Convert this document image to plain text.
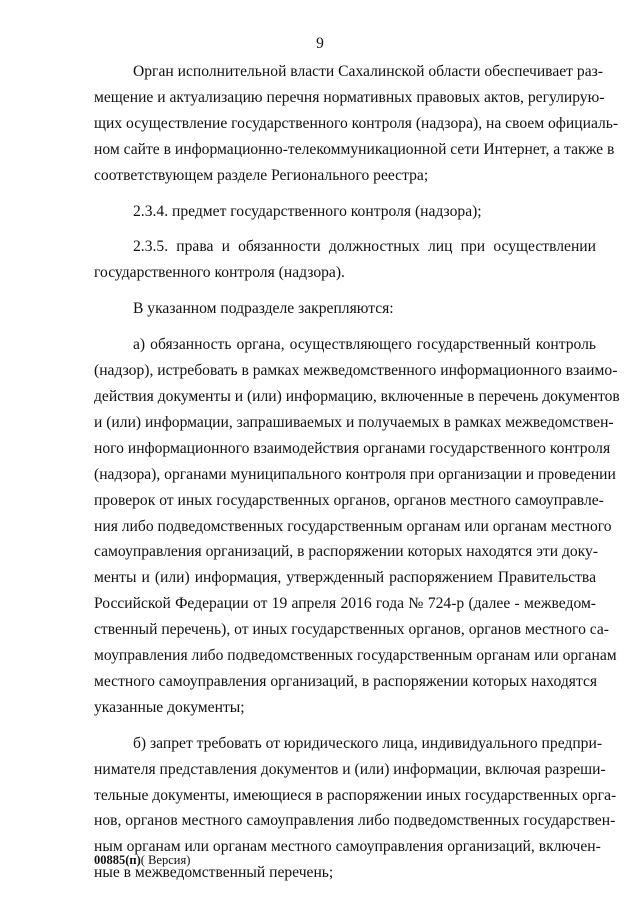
9
Орган исполнительной власти Сахалинской области обеспечивает раз-
мещение и актуализацию перечня нормативных правовых актов, регулирую-
щих осуществление государственного контроля (надзора), на своем официаль-
ном сайте в информационно-телекоммуникационной сети Интернет, а также в
соответствующем разделе Регионального реестра;
2.3.4. предмет государственного контроля (надзора);
2.3.5. права и обязанности должностных лиц при осуществлении
государственного контроля (надзора).
В указанном подразделе закрепляются:
а) обязанность органа, осуществляющего государственный контроль
(надзор), истребовать в рамках межведомственного информационного взаимо-
действия документы и (или) информацию, включенные в перечень документов
и (или) информации, запрашиваемых и получаемых в рамках межведомствен-
ного информационного взаимодействия органами государственного контроля
(надзора), органами муниципального контроля при организации и проведении
проверок от иных государственных органов, органов местного самоуправле-
ния либо подведомственных государственным органам или органам местного
самоуправления организаций, в распоряжении которых находятся эти доку-
менты и (или) информация, утвержденный распоряжением Правительства
Российской Федерации от 19 апреля 2016 года № 724-р (далее - межведом-
ственный перечень), от иных государственных органов, органов местного са-
моуправления либо подведомственных государственным органам или органам
местного самоуправления организаций, в распоряжении которых находятся
указанные документы;
б) запрет требовать от юридического лица, индивидуального предпри-
нимателя представления документов и (или) информации, включая разреши-
тельные документы, имеющиеся в распоряжении иных государственных орга-
нов, органов местного самоуправления либо подведомственных государствен-
ным органам или органам местного самоуправления организаций, включен-
ные в межведомственный перечень;
00885(п)( Версия)
